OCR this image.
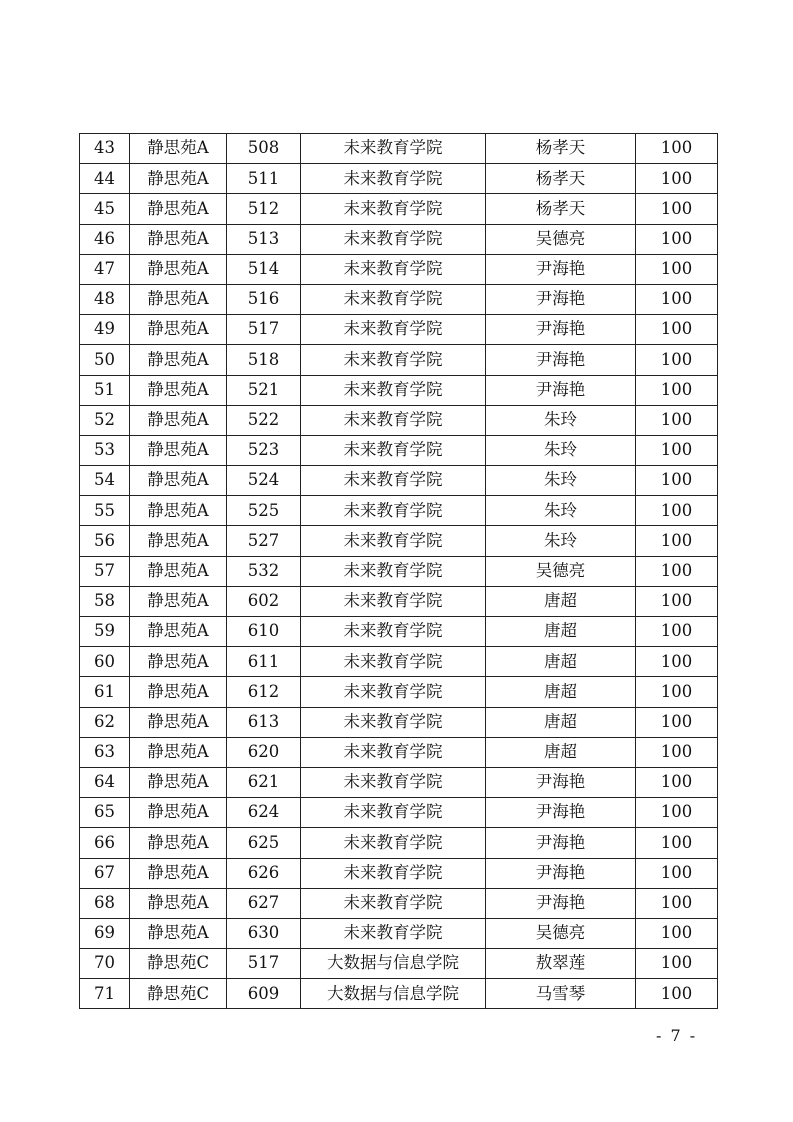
43	静思苑A	508	未来教育学院	杨孝天	100
44	静思苑A	511	未来教育学院	杨孝天	100
45	静思苑A	512	未来教育学院	杨孝天	100
46	静思苑A	513	未来教育学院	吴德亮	100
47	静思苑A	514	未来教育学院	尹海艳	100
48	静思苑A	516	未来教育学院	尹海艳	100
49	静思苑A	517	未来教育学院	尹海艳	100
50	静思苑A	518	未来教育学院	尹海艳	100
51	静思苑A	521	未来教育学院	尹海艳	100
52	静思苑A	522	未来教育学院	朱玲	100
53	静思苑A	523	未来教育学院	朱玲	100
54	静思苑A	524	未来教育学院	朱玲	100
55	静思苑A	525	未来教育学院	朱玲	100
56	静思苑A	527	未来教育学院	朱玲	100
57	静思苑A	532	未来教育学院	吴德亮	100
58	静思苑A	602	未来教育学院	唐超	100
59	静思苑A	610	未来教育学院	唐超	100
60	静思苑A	611	未来教育学院	唐超	100
61	静思苑A	612	未来教育学院	唐超	100
62	静思苑A	613	未来教育学院	唐超	100
63	静思苑A	620	未来教育学院	唐超	100
64	静思苑A	621	未来教育学院	尹海艳	100
65	静思苑A	624	未来教育学院	尹海艳	100
66	静思苑A	625	未来教育学院	尹海艳	100
67	静思苑A	626	未来教育学院	尹海艳	100
68	静思苑A	627	未来教育学院	尹海艳	100
69	静思苑A	630	未来教育学院	吴德亮	100
70	静思苑C	517	大数据与信息学院	敖翠莲	100
71	静思苑C	609	大数据与信息学院	马雪琴	100
- 7 -
